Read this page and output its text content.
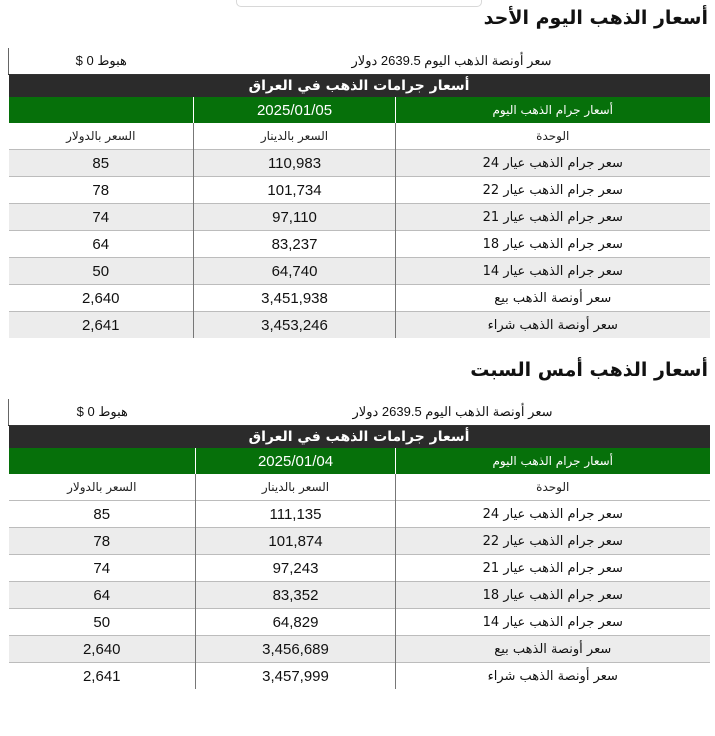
أسعار الذهب اليوم الأحد
سعر أونصة الذهب اليوم 2639.5 دولار		هبوط 0 $
أسعار جرامات الذهب في العراق		
أسعار جرام الذهب اليوم	2025/01/05	
الوحدة	السعر بالدينار	السعر بالدولار
سعر جرام الذهب عيار 24	110,983	85
سعر جرام الذهب عيار 22	101,734	78
سعر جرام الذهب عيار 21	97,110	74
سعر جرام الذهب عيار 18	83,237	64
سعر جرام الذهب عيار 14	64,740	50
سعر أونصة الذهب بيع	3,451,938	2,640
سعر أونصة الذهب شراء	3,453,246	2,641
أسعار الذهب أمس السبت
سعر أونصة الذهب اليوم 2639.5 دولار		هبوط 0 $
أسعار جرامات الذهب في العراق		
أسعار جرام الذهب اليوم	2025/01/04	
الوحدة	السعر بالدينار	السعر بالدولار
سعر جرام الذهب عيار 24	111,135	85
سعر جرام الذهب عيار 22	101,874	78
سعر جرام الذهب عيار 21	97,243	74
سعر جرام الذهب عيار 18	83,352	64
سعر جرام الذهب عيار 14	64,829	50
سعر أونصة الذهب بيع	3,456,689	2,640
سعر أونصة الذهب شراء	3,457,999	2,641
